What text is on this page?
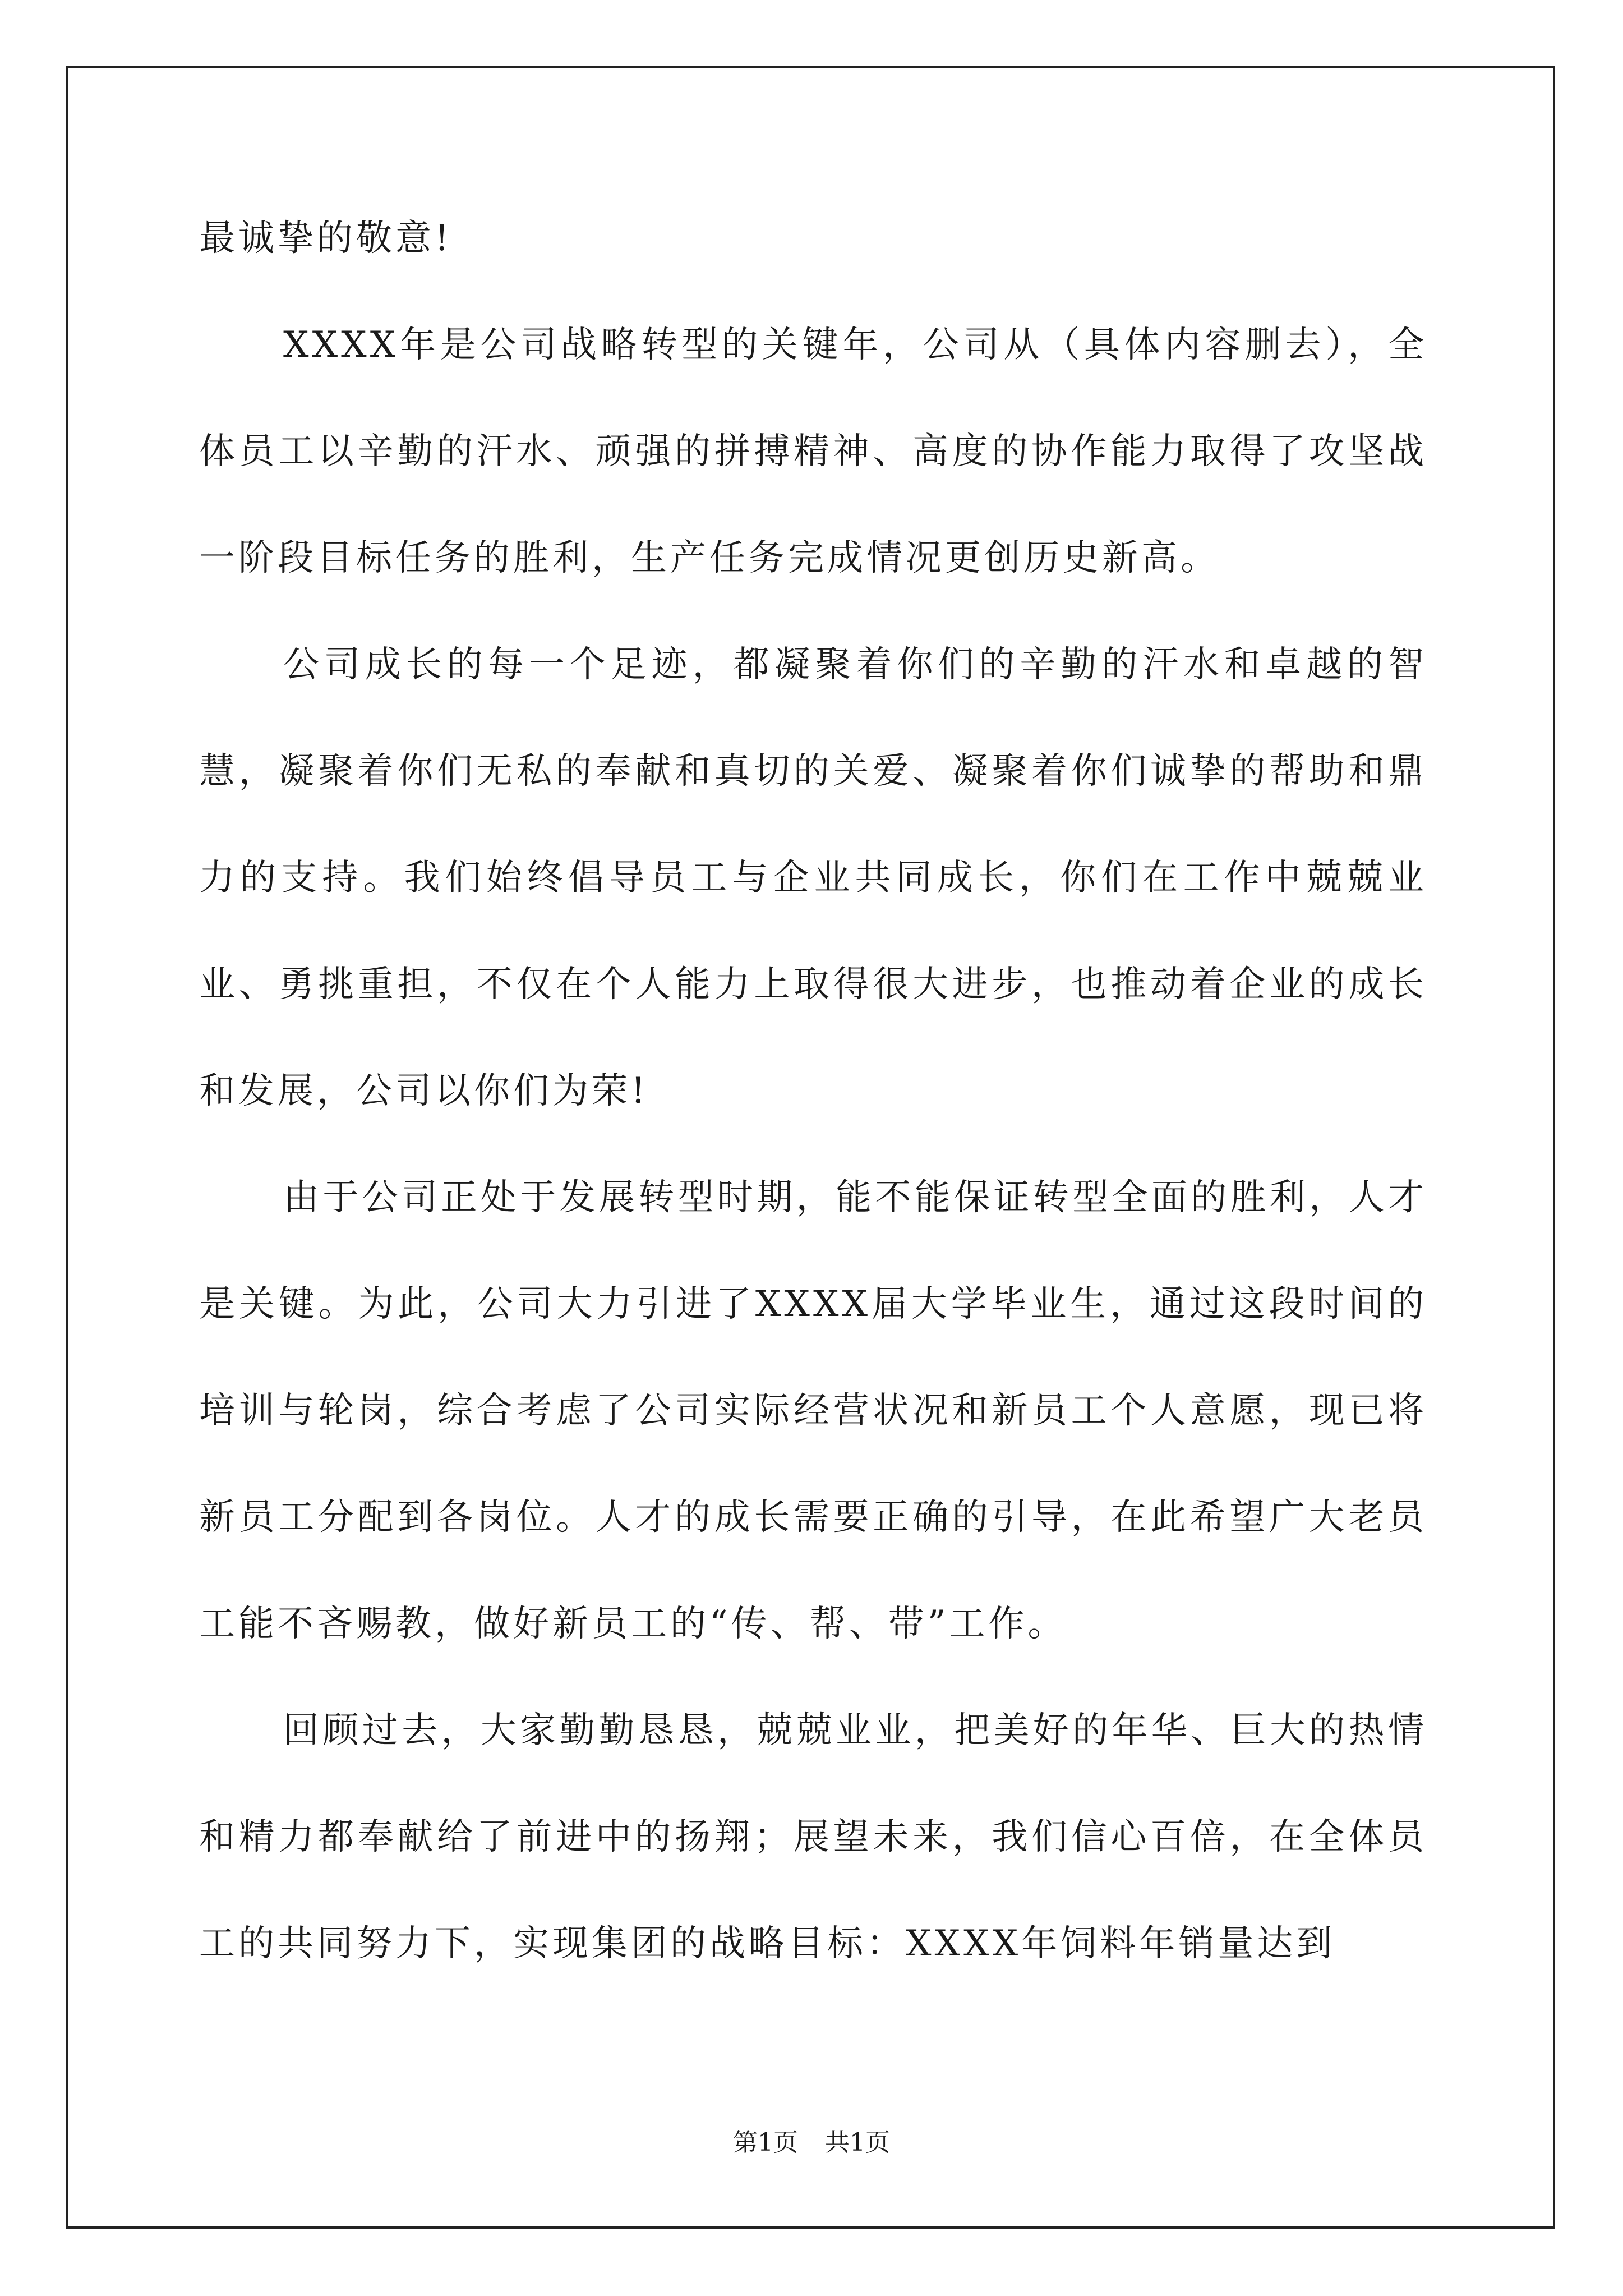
最诚挚的敬意!

XXXX年是公司战略转型的关键年，公司从（具体内容删去），全体员工以辛勤的汗水、顽强的拼搏精神、高度的协作能力取得了攻坚战一阶段目标任务的胜利，生产任务完成情况更创历史新高。

公司成长的每一个足迹，都凝聚着你们的辛勤的汗水和卓越的智慧，凝聚着你们无私的奉献和真切的关爱、凝聚着你们诚挚的帮助和鼎力的支持。我们始终倡导员工与企业共同成长，你们在工作中兢兢业业、勇挑重担，不仅在个人能力上取得很大进步，也推动着企业的成长和发展，公司以你们为荣!

由于公司正处于发展转型时期，能不能保证转型全面的胜利，人才是关键。为此，公司大力引进了XXXX届大学毕业生，通过这段时间的培训与轮岗，综合考虑了公司实际经营状况和新员工个人意愿，现已将新员工分配到各岗位。人才的成长需要正确的引导，在此希望广大老员工能不吝赐教，做好新员工的“传、帮、带”工作。

回顾过去，大家勤勤恳恳，兢兢业业，把美好的年华、巨大的热情和精力都奉献给了前进中的扬翔；展望未来，我们信心百倍，在全体员工的共同努力下，实现集团的战略目标：XXXX年饲料年销量达到

第1页 共1页
